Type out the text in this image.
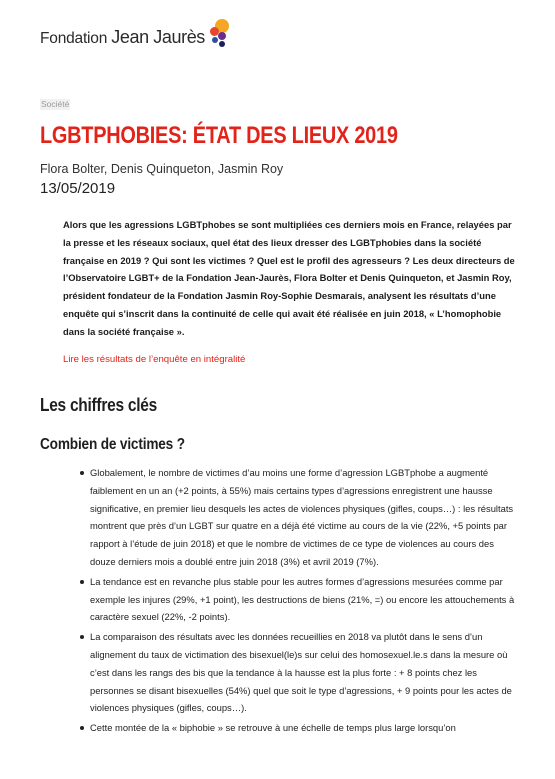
Fondation Jean Jaurès
Société
LGBTPHOBIES: ÉTAT DES LIEUX 2019
Flora Bolter, Denis Quinqueton, Jasmin Roy
13/05/2019

Alors que les agressions LGBTphobes se sont multipliées ces derniers mois en France, relayées par la presse et les réseaux sociaux, quel état des lieux dresser des LGBTphobies dans la société française en 2019 ? Qui sont les victimes ? Quel est le profil des agresseurs ? Les deux directeurs de l’Observatoire LGBT+ de la Fondation Jean-Jaurès, Flora Bolter et Denis Quinqueton, et Jasmin Roy, président fondateur de la Fondation Jasmin Roy-Sophie Desmarais, analysent les résultats d’une enquête qui s’inscrit dans la continuité de celle qui avait été réalisée en juin 2018, « L’homophobie dans la société française ».

Lire les résultats de l’enquête en intégralité
Les chiffres clés
Combien de victimes ?
Globalement, le nombre de victimes d’au moins une forme d’agression LGBTphobe a augmenté faiblement en un an (+2 points, à 55%) mais certains types d’agressions enregistrent une hausse significative, en premier lieu desquels les actes de violences physiques (gifles, coups…) : les résultats montrent que près d’un LGBT sur quatre en a déjà été victime au cours de la vie (22%, +5 points par rapport à l’étude de juin 2018) et que le nombre de victimes de ce type de violences au cours des douze derniers mois a doublé entre juin 2018 (3%) et avril 2019 (7%).
La tendance est en revanche plus stable pour les autres formes d’agressions mesurées comme par exemple les injures (29%, +1 point), les destructions de biens (21%, =) ou encore les attouchements à caractère sexuel (22%, -2 points).
La comparaison des résultats avec les données recueillies en 2018 va plutôt dans le sens d’un alignement du taux de victimation des bisexuel(le)s sur celui des homosexuel.le.s dans la mesure où c’est dans les rangs des bis que la tendance à la hausse est la plus forte : + 8 points chez les personnes se disant bisexuelles (54%) quel que soit le type d’agressions, + 9 points pour les actes de violences physiques (gifles, coups…).
Cette montée de la « biphobie » se retrouve à une échelle de temps plus large lorsqu’on
